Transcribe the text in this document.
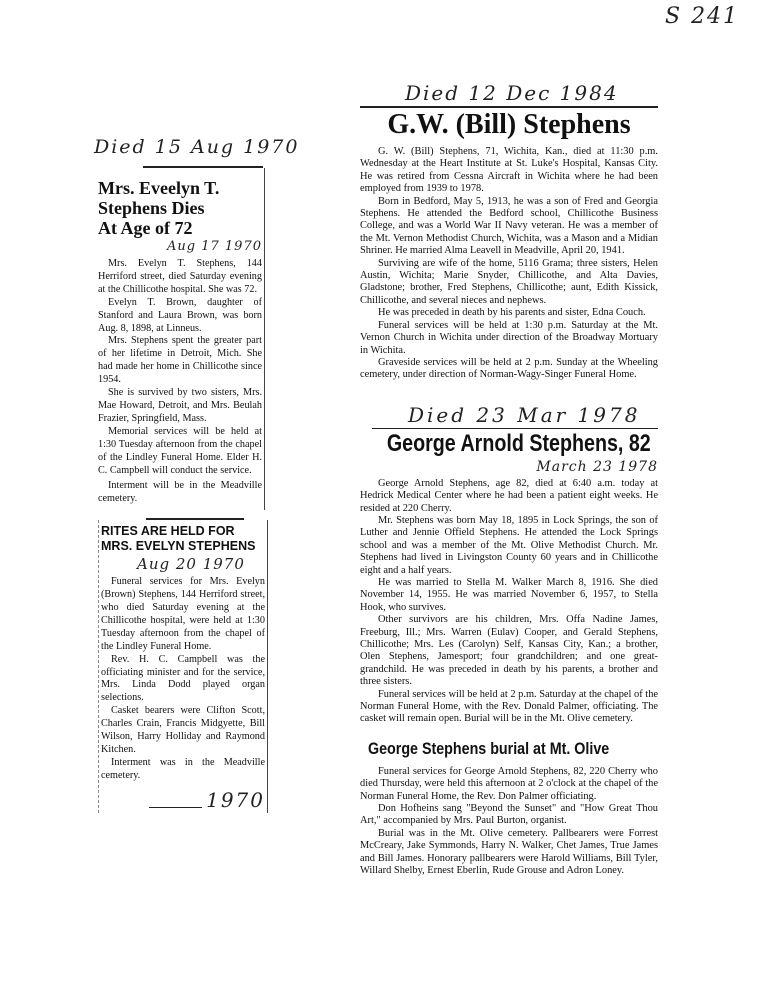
S 241
Died 15 Aug 1970
Mrs. Eveelyn T.
Stephens Dies
At Age of 72
Aug 17 1970

Mrs. Evelyn T. Stephens, 144 Herriford street, died Saturday evening at the Chillicothe hospital. She was 72.

Evelyn T. Brown, daughter of Stanford and Laura Brown, was born Aug. 8, 1898, at Linneus.

Mrs. Stephens spent the greater part of her lifetime in Detroit, Mich. She had made her home in Chillicothe since 1954.

She is survived by two sisters, Mrs. Mae Howard, Detroit, and Mrs. Beulah Frazier, Springfield, Mass.

Memorial services will be held at 1:30 Tuesday afternoon from the chapel of the Lindley Funeral Home. Elder H. C. Campbell will conduct the service.

Interment will be in the Meadville cemetery.

RITES ARE HELD FOR
MRS. EVELYN STEPHENS
Aug 20 1970

Funeral services for Mrs. Evelyn (Brown) Stephens, 144 Herriford street, who died Saturday evening at the Chillicothe hospital, were held at 1:30 Tuesday afternoon from the chapel of the Lindley Funeral Home.

Rev. H. C. Campbell was the officiating minister and for the service, Mrs. Linda Dodd played organ selections.

Casket bearers were Clifton Scott, Charles Crain, Francis Midgyette, Bill Wilson, Harry Holliday and Raymond Kitchen.

Interment was in the Meadville cemetery.

1970
Died 12 Dec 1984
G.W. (Bill) Stephens

G. W. (Bill) Stephens, 71, Wichita, Kan., died at 11:30 p.m. Wednesday at the Heart Institute at St. Luke's Hospital, Kansas City. He was retired from Cessna Aircraft in Wichita where he had been employed from 1939 to 1978.

Born in Bedford, May 5, 1913, he was a son of Fred and Georgia Stephens. He attended the Bedford school, Chillicothe Business College, and was a World War II Navy veteran. He was a member of the Mt. Vernon Methodist Church, Wichita, was a Mason and a Midian Shriner. He married Alma Leavell in Meadville, April 20, 1941.

Surviving are wife of the home, 5116 Grama; three sisters, Helen Austin, Wichita; Marie Snyder, Chillicothe, and Alta Davies, Gladstone; brother, Fred Stephens, Chillicothe; aunt, Edith Kissick, Chillicothe, and several nieces and nephews.

He was preceded in death by his parents and sister, Edna Couch.

Funeral services will be held at 1:30 p.m. Saturday at the Mt. Vernon Church in Wichita under direction of the Broadway Mortuary in Wichita.

Graveside services will be held at 2 p.m. Sunday at the Wheeling cemetery, under direction of Norman-Wagy-Singer Funeral Home.

Died 23 Mar 1978
George Arnold Stephens, 82
March 23 1978

George Arnold Stephens, age 82, died at 6:40 a.m. today at Hedrick Medical Center where he had been a patient eight weeks. He resided at 220 Cherry.

Mr. Stephens was born May 18, 1895 in Lock Springs, the son of Luther and Jennie Offield Stephens. He attended the Lock Springs school and was a member of the Mt. Olive Methodist Church. Mr. Stephens had lived in Livingston County 60 years and in Chillicothe eight and a half years.

He was married to Stella M. Walker March 8, 1916. She died November 14, 1955. He was married November 6, 1957, to Stella Hook, who survives.

Other survivors are his children, Mrs. Offa Nadine James, Freeburg, Ill.; Mrs. Warren (Eulav) Cooper, and Gerald Stephens, Chillicothe; Mrs. Les (Carolyn) Self, Kansas City, Kan.; a brother, Olen Stephens, Jamesport; four grandchildren; and one great-grandchild. He was preceded in death by his parents, a brother and three sisters.

Funeral services will be held at 2 p.m. Saturday at the chapel of the Norman Funeral Home, with the Rev. Donald Palmer, officiating. The casket will remain open. Burial will be in the Mt. Olive cemetery.

George Stephens burial at Mt. Olive

Funeral services for George Arnold Stephens, 82, 220 Cherry who died Thursday, were held this afternoon at 2 o'clock at the chapel of the Norman Funeral Home, the Rev. Don Palmer officiating.

Don Hofheins sang "Beyond the Sunset" and "How Great Thou Art," accompanied by Mrs. Paul Burton, organist.

Burial was in the Mt. Olive cemetery. Pallbearers were Forrest McCreary, Jake Symmonds, Harry N. Walker, Chet James, True James and Bill James. Honorary pallbearers were Harold Williams, Bill Tyler, Willard Shelby, Ernest Eberlin, Rude Grouse and Adron Loney.
